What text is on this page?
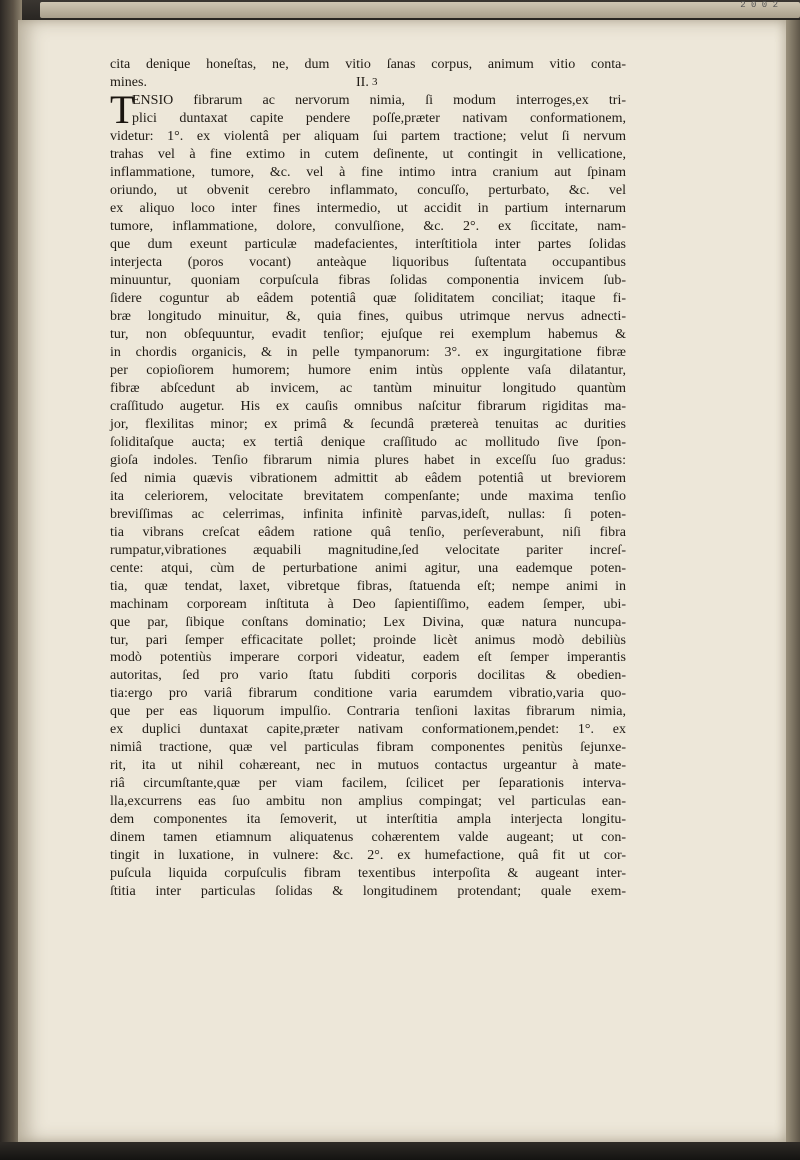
3
cita denique honeſtas, ne, dum vitio ſanas corpus, animum vitio conta-
mines.	II.
ENSIO fibrarum ac nervorum nimia, ſi modum interroges,ex tri-
plici duntaxat capite pendere poſſe,præter nativam conformationem,
videtur: 1°. ex violentâ per aliquam ſui partem tractione; velut ſi nervum
trahas vel à fine extimo in cutem deſinente, ut contingit in vellicatione,
inflammatione, tumore, &c. vel à fine intimo intra cranium aut ſpinam
oriundo, ut obvenit cerebro inflammato, concuſſo, perturbato, &c. vel
ex aliquo loco inter fines intermedio, ut accidit in partium internarum
tumore, inflammatione, dolore, convulſione, &c. 2°. ex ſiccitate, nam-
que dum exeunt particulæ madefacientes, interſtitiola inter partes ſolidas
interjecta (poros vocant) anteàque liquoribus ſuſtentata occupantibus
minuuntur, quoniam corpuſcula fibras ſolidas componentia invicem ſub-
ſidere coguntur ab eâdem potentiâ quæ ſoliditatem conciliat; itaque fi-
bræ longitudo minuitur, &, quia fines, quibus utrimque nervus adnecti-
tur, non obſequuntur, evadit tenſior; ejuſque rei exemplum habemus &
in chordis organicis, & in pelle tympanorum: 3°. ex ingurgitatione fibræ
per copioſiorem humorem; humore enim intùs opplente vaſa dilatantur,
fibræ abſcedunt ab invicem, ac tantùm minuitur longitudo quantùm
craſſitudo augetur. His ex cauſis omnibus naſcitur fibrarum rigiditas ma-
jor, flexilitas minor; ex primâ & ſecundâ prætereà tenuitas ac durities
ſoliditaſque aucta; ex tertiâ denique craſſitudo ac mollitudo ſive ſpon-
gioſa indoles. Tenſio fibrarum nimia plures habet in exceſſu ſuo gradus:
ſed nimia quævis vibrationem admittit ab eâdem potentiâ ut breviorem
ita celeriorem, velocitate brevitatem compenſante; unde maxima tenſio
breviſſimas ac celerrimas, infinita infinitè parvas,ideſt, nullas: ſi poten-
tia vibrans creſcat eâdem ratione quâ tenſio, perſeverabunt, niſi fibra
rumpatur,vibrationes æquabili magnitudine,ſed velocitate pariter increſ-
cente: atqui, cùm de perturbatione animi agitur, una eademque poten-
tia, quæ tendat, laxet, vibretque fibras, ſtatuenda eſt; nempe animi in
machinam corpoream inſtituta à Deo ſapientiſſimo, eadem ſemper, ubi-
que par, ſibique conſtans dominatio; Lex Divina, quæ natura nuncupa-
tur, pari ſemper efficacitate pollet; proinde licèt animus modò debiliùs
modò potentiùs imperare corpori videatur, eadem eſt ſemper imperantis
autoritas, ſed pro vario ſtatu ſubditi corporis docilitas & obedien-
tia:ergo pro variâ fibrarum conditione varia earumdem vibratio,varia quo-
que per eas liquorum impulſio. Contraria tenſioni laxitas fibrarum nimia,
ex duplici duntaxat capite,præter nativam conformationem,pendet: 1°. ex
nimiâ tractione, quæ vel particulas fibram componentes penitùs ſejunxe-
rit, ita ut nihil cohæreant, nec in mutuos contactus urgeantur à mate-
riâ circumſtante,quæ per viam facilem, ſcilicet per ſeparationis interva-
lla,excurrens eas ſuo ambitu non amplius compingat; vel particulas ean-
dem componentes ita ſemoverit, ut interſtitia ampla interjecta longitu-
dinem tamen etiamnum aliquatenus cohærentem valde augeant; ut con-
tingit in luxatione, in vulnere: &c. 2°. ex humefactione, quâ fit ut cor-
puſcula liquida corpuſculis fibram texentibus interpoſita & augeant inter-
ſtitia inter particulas ſolidas & longitudinem protendant; quale exem-
T
2 0 0 2
